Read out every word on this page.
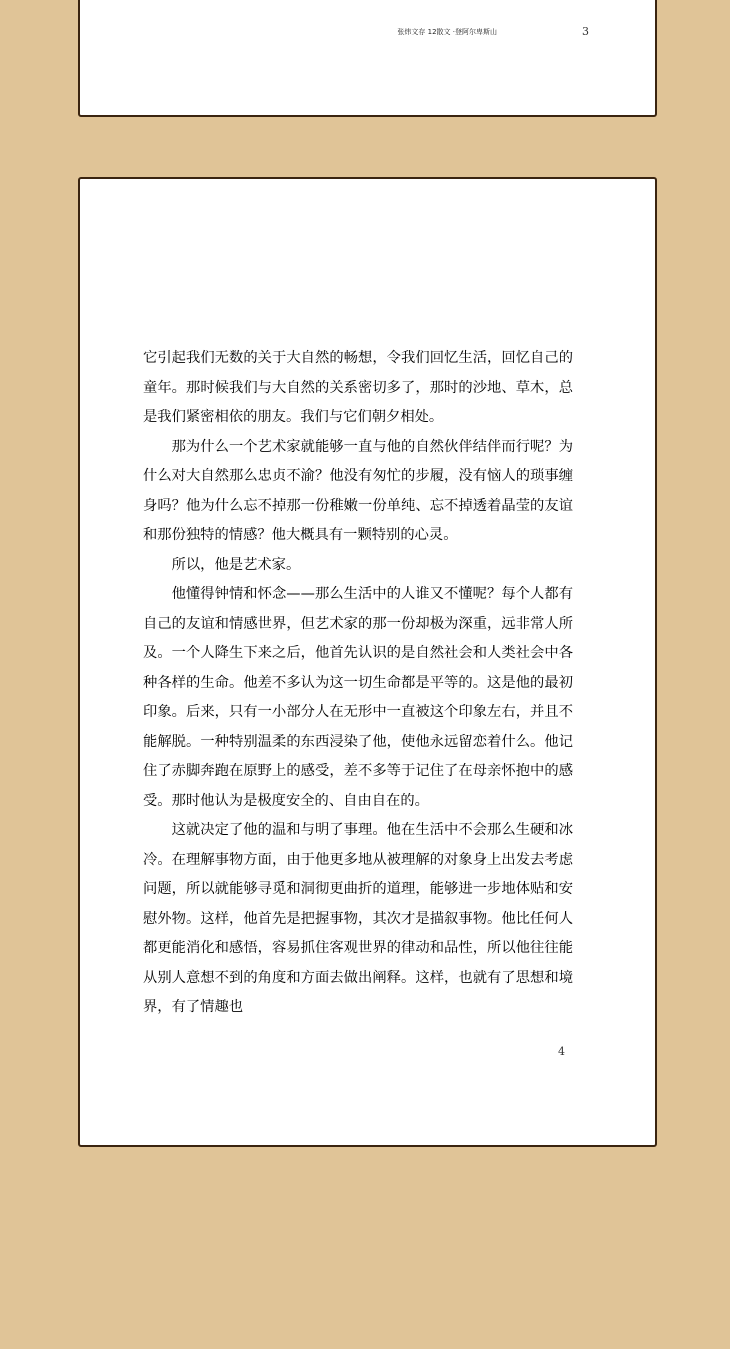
张炜文存 12散文 ·登阿尔卑斯山	3

它引起我们无数的关于大自然的畅想，令我们回忆生活，回忆自己的童年。那时候我们与大自然的关系密切多了，那时的沙地、草木，总是我们紧密相依的朋友。我们与它们朝夕相处。

那为什么一个艺术家就能够一直与他的自然伙伴结伴而行呢？为什么对大自然那么忠贞不渝？他没有匆忙的步履，没有恼人的琐事缠身吗？他为什么忘不掉那一份稚嫩一份单纯、忘不掉透着晶莹的友谊和那份独特的情感？他大概具有一颗特别的心灵。

所以，他是艺术家。

他懂得钟情和怀念——那么生活中的人谁又不懂呢？每个人都有自己的友谊和情感世界，但艺术家的那一份却极为深重，远非常人所及。一个人降生下来之后，他首先认识的是自然社会和人类社会中各种各样的生命。他差不多认为这一切生命都是平等的。这是他的最初印象。后来，只有一小部分人在无形中一直被这个印象左右，并且不能解脱。一种特别温柔的东西浸染了他，使他永远留恋着什么。他记住了赤脚奔跑在原野上的感受，差不多等于记住了在母亲怀抱中的感受。那时他认为是极度安全的、自由自在的。

这就决定了他的温和与明了事理。他在生活中不会那么生硬和冰冷。在理解事物方面，由于他更多地从被理解的对象身上出发去考虑问题，所以就能够寻觅和洞彻更曲折的道理，能够进一步地体贴和安慰外物。这样，他首先是把握事物，其次才是描叙事物。他比任何人都更能消化和感悟，容易抓住客观世界的律动和品性，所以他往往能从别人意想不到的角度和方面去做出阐释。这样，也就有了思想和境界，有了情趣也

4
